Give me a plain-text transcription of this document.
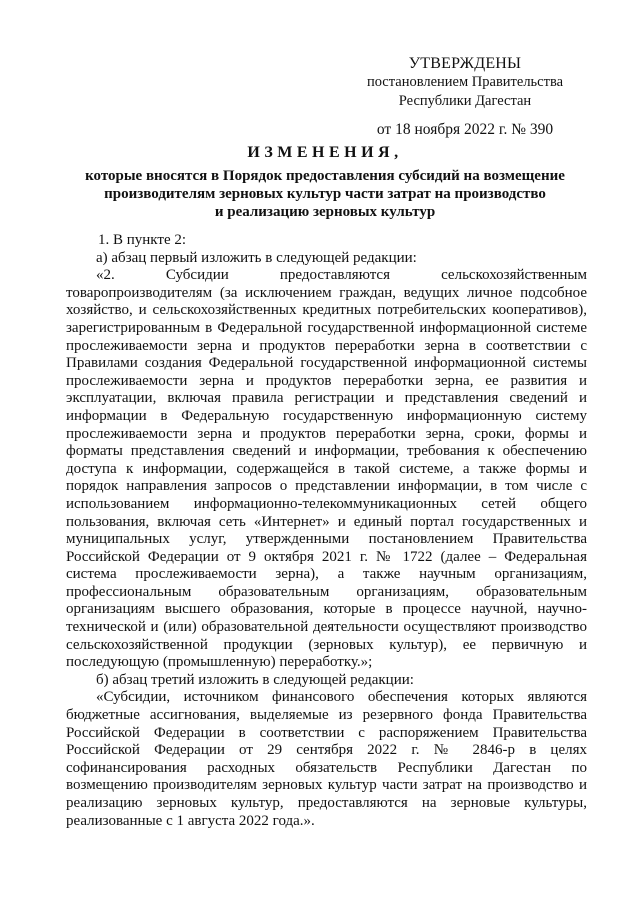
УТВЕРЖДЕНЫ
постановлением Правительства
Республики Дагестан
от 18 ноября 2022 г. № 390
ИЗМЕНЕНИЯ,
которые вносятся в Порядок предоставления субсидий на возмещение
производителям зерновых культур части затрат на производство
и реализацию зерновых культур

1. В пункте 2:

а) абзац первый изложить в следующей редакции:

«2. Субсидии предоставляются сельскохозяйственным товаропроизводителям (за исключением граждан, ведущих личное подсобное хозяйство, и сельскохозяйственных кредитных потребительских кооперативов), зарегистрированным в Федеральной государственной информационной системе прослеживаемости зерна и продуктов переработки зерна в соответствии с Правилами создания Федеральной государственной информационной системы прослеживаемости зерна и продуктов переработки зерна, ее развития и эксплуатации, включая правила регистрации и представления сведений и информации в Федеральную государственную информационную систему прослеживаемости зерна и продуктов переработки зерна, сроки, формы и форматы представления сведений и информации, требования к обеспечению доступа к информации, содержащейся в такой системе, а также формы и порядок направления запросов о представлении информации, в том числе с использованием информационно-телекоммуникационных сетей общего пользования, включая сеть «Интернет» и единый портал государственных и муниципальных услуг, утвержденными постановлением Правительства Российской Федерации от 9 октября 2021 г. № 1722 (далее – Федеральная система прослеживаемости зерна), а также научным организациям, профессиональным образовательным организациям, образовательным организациям высшего образования, которые в процессе научной, научно-технической и (или) образовательной деятельности осуществляют производство сельскохозяйственной продукции (зерновых культур), ее первичную и последующую (промышленную) переработку.»;

б) абзац третий изложить в следующей редакции:

«Субсидии, источником финансового обеспечения которых являются бюджетные ассигнования, выделяемые из резервного фонда Правительства Российской Федерации в соответствии с распоряжением Правительства Российской Федерации от 29 сентября 2022 г. № 2846-р в целях софинансирования расходных обязательств Республики Дагестан по возмещению производителям зерновых культур части затрат на производство и реализацию зерновых культур, предоставляются на зерновые культуры, реализованные с 1 августа 2022 года.».
